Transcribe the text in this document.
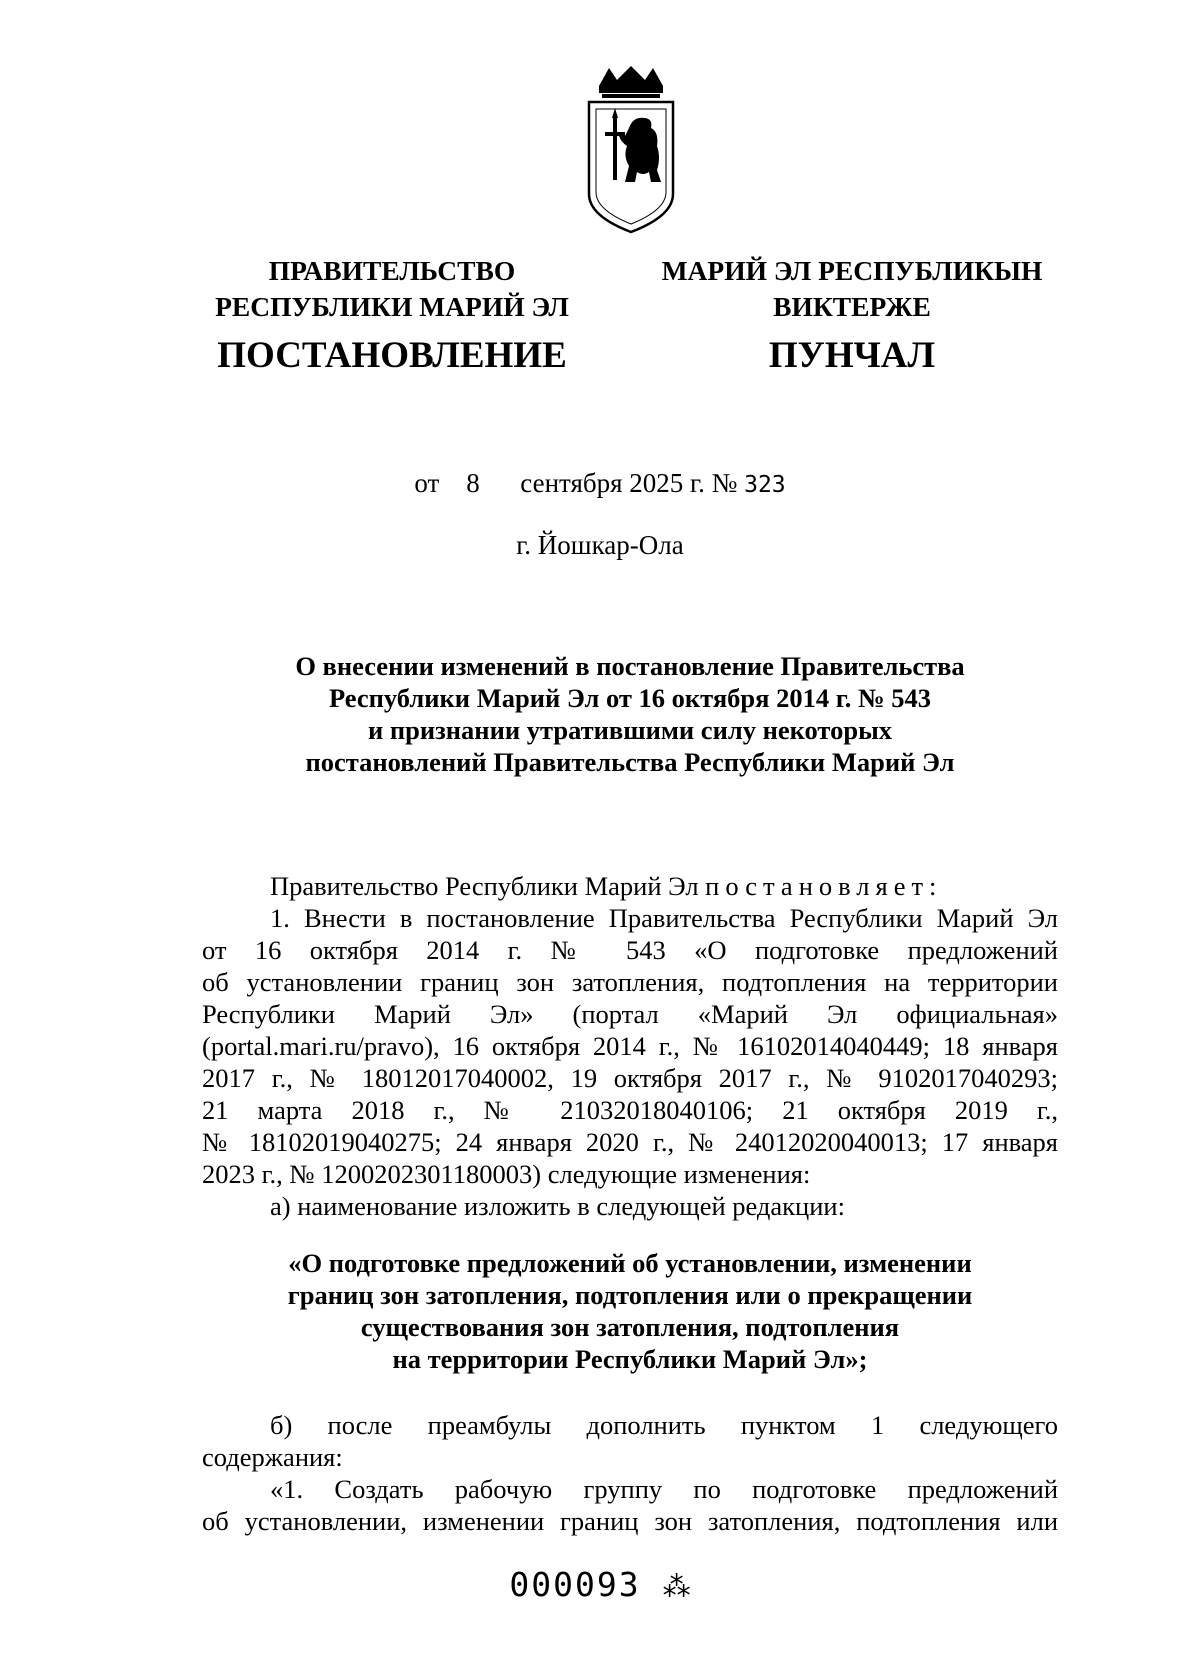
ПРАВИТЕЛЬСТВО
РЕСПУБЛИКИ МАРИЙ ЭЛ
МАРИЙ ЭЛ РЕСПУБЛИКЫН
ВИКТЕРЖЕ
ПОСТАНОВЛЕНИЕ	ПУНЧАЛ
от 8 сентября 2025 г. № 323
г. Йошкар-Ола
О внесении изменений в постановление Правительства
Республики Марий Эл от 16 октября 2014 г. № 543
и признании утратившими силу некоторых
постановлений Правительства Республики Марий Эл

Правительство Республики Марий Эл постановляет:

1. Внести в постановление Правительства Республики Марий Эл
от 16 октября 2014 г. № 543 «О подготовке предложений
об установлении границ зон затопления, подтопления на территории
Республики Марий Эл» (портал «Марий Эл официальная»
(portal.mari.ru/pravo), 16 октября 2014 г., № 16102014040449; 18 января
2017 г., № 18012017040002, 19 октября 2017 г., № 9102017040293;
21 марта 2018 г., № 21032018040106; 21 октября 2019 г.,
№ 18102019040275; 24 января 2020 г., № 24012020040013; 17 января
2023 г., № 1200202301180003) следующие изменения:
а) наименование изложить в следующей редакции:
«О подготовке предложений об установлении, изменении
границ зон затопления, подтопления или о прекращении
существования зон затопления, подтопления
на территории Республики Марий Эл»;
б) после преамбулы дополнить пунктом 1 следующего
содержания:
«1. Создать рабочую группу по подготовке предложений
об установлении, изменении границ зон затопления, подтопления или
000093 ⁂
